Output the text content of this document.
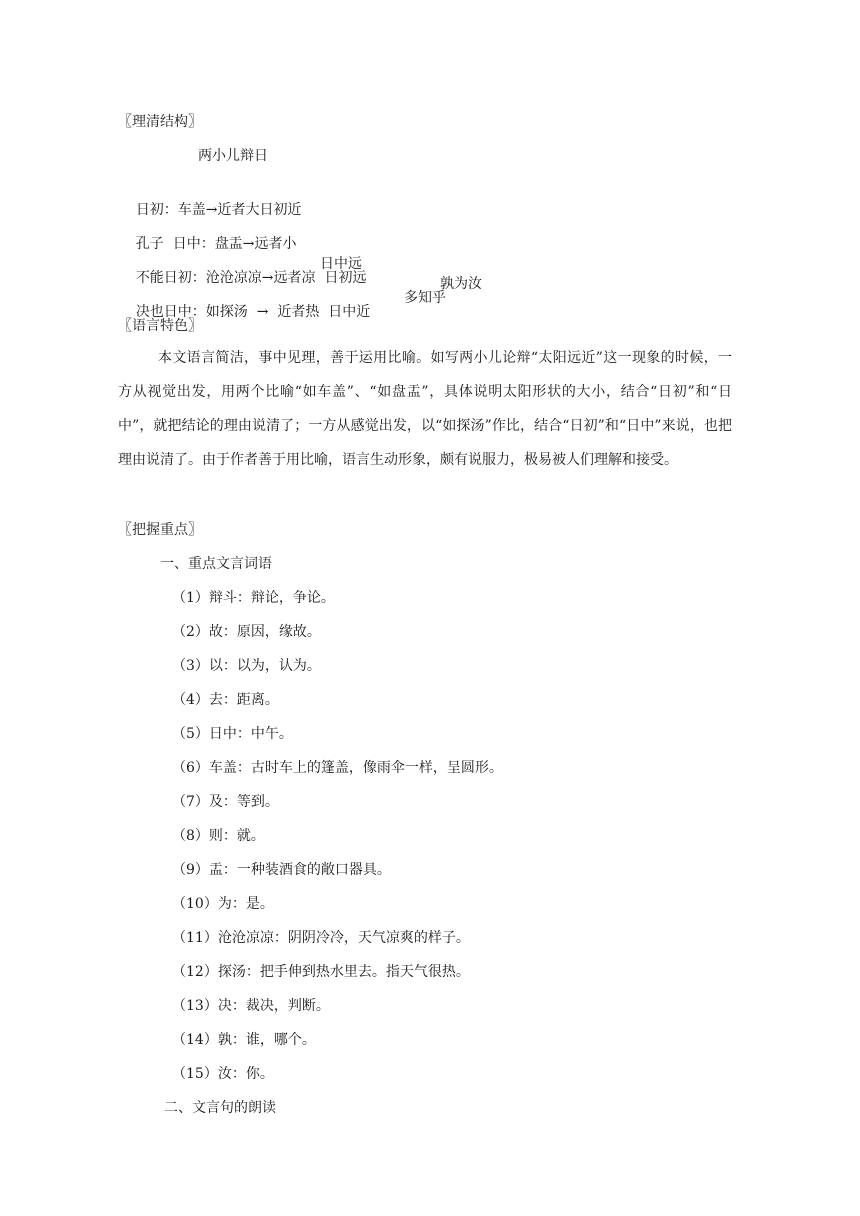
〖理清结构〗
两小儿辩日

日初：车盖→近者大日初近

孔子  日中：盘盂→远者小

日中远

孰为汝

不能日初：沧沧凉凉→远者凉  日初远

多知乎

决也日中：如探汤  →  近者热  日中近

〖语言特色〗
本文语言简洁，事中见理，善于运用比喻。如写两小儿论辩“太阳远近”这一现象的时候，一方从视觉出发，用两个比喻“如车盖”、“如盘盂”，具体说明太阳形状的大小，结合“日初”和“日中”，就把结论的理由说清了；一方从感觉出发，以“如探汤”作比，结合“日初”和“日中”来说，也把理由说清了。由于作者善于用比喻，语言生动形象，颇有说服力，极易被人们理解和接受。
〖把握重点〗
一、重点文言词语
（1）辩斗：辩论，争论。
（2）故：原因，缘故。
（3）以：以为，认为。
（4）去：距离。
（5）日中：中午。
（6）车盖：古时车上的篷盖，像雨伞一样，呈圆形。
（7）及：等到。
（8）则：就。
（9）盂：一种装酒食的敞口器具。
（10）为：是。
（11）沧沧凉凉：阴阴冷冷，天气凉爽的样子。
（12）探汤：把手伸到热水里去。指天气很热。
（13）决：裁决，判断。
（14）孰：谁，哪个。
（15）汝：你。
二、文言句的朗读
